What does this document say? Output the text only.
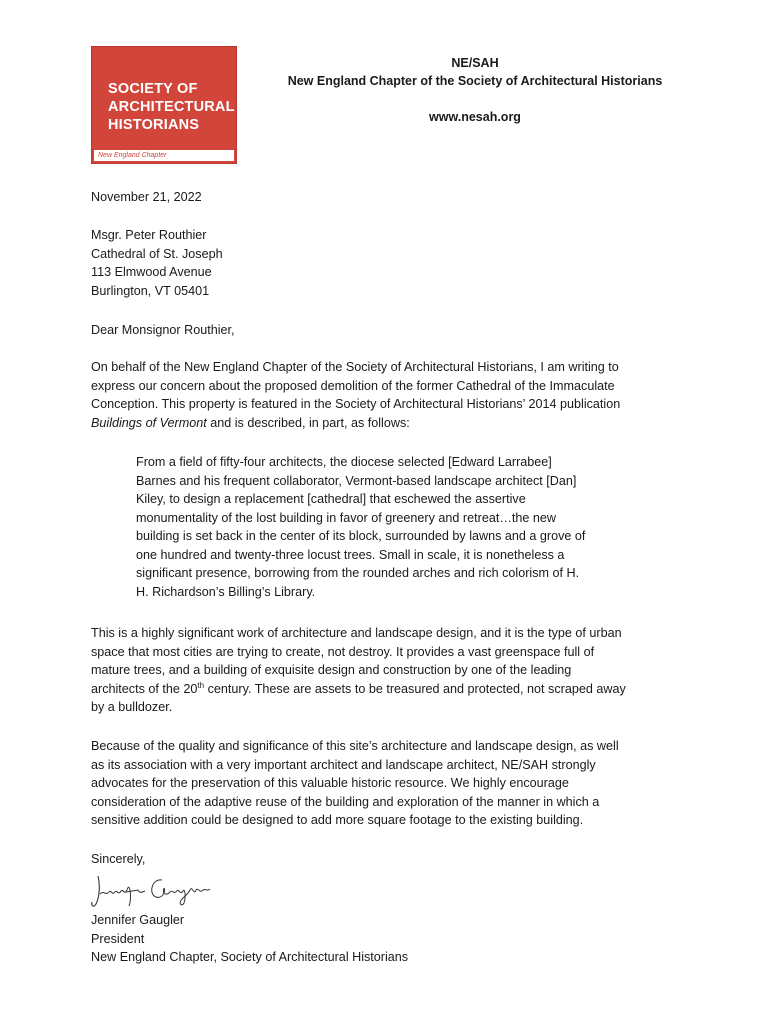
SOCIETY OF
ARCHITECTURAL
HISTORIANS
New England Chapter
NE/SAH
New England Chapter of the Society of Architectural Historians
www.nesah.org
November 21, 2022
Msgr. Peter Routhier
Cathedral of St. Joseph
113 Elmwood Avenue
Burlington, VT 05401
Dear Monsignor Routhier,
On behalf of the New England Chapter of the Society of Architectural Historians, I am writing to
express our concern about the proposed demolition of the former Cathedral of the Immaculate
Conception. This property is featured in the Society of Architectural Historians’ 2014 publication
Buildings of Vermont and is described, in part, as follows:
From a field of fifty-four architects, the diocese selected [Edward Larrabee]
Barnes and his frequent collaborator, Vermont-based landscape architect [Dan]
Kiley, to design a replacement [cathedral] that eschewed the assertive
monumentality of the lost building in favor of greenery and retreat…the new
building is set back in the center of its block, surrounded by lawns and a grove of
one hundred and twenty-three locust trees. Small in scale, it is nonetheless a
significant presence, borrowing from the rounded arches and rich colorism of H.
H. Richardson’s Billing’s Library.
This is a highly significant work of architecture and landscape design, and it is the type of urban
space that most cities are trying to create, not destroy. It provides a vast greenspace full of
mature trees, and a building of exquisite design and construction by one of the leading
architects of the 20th century. These are assets to be treasured and protected, not scraped away
by a bulldozer.
Because of the quality and significance of this site’s architecture and landscape design, as well
as its association with a very important architect and landscape architect, NE/SAH strongly
advocates for the preservation of this valuable historic resource. We highly encourage
consideration of the adaptive reuse of the building and exploration of the manner in which a
sensitive addition could be designed to add more square footage to the existing building.
Sincerely,
Jennifer Gaugler
President
New England Chapter, Society of Architectural Historians
